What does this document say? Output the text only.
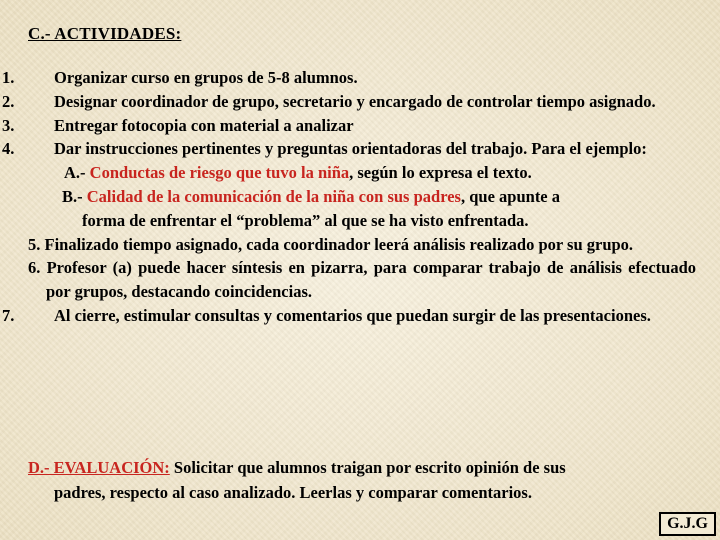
C.- ACTIVIDADES:
1. Organizar curso en grupos de 5-8 alumnos.
2. Designar coordinador de grupo, secretario y encargado de controlar tiempo asignado.
3. Entregar fotocopia con material a analizar
4. Dar instrucciones pertinentes y preguntas orientadoras del trabajo. Para el ejemplo:
A.- Conductas de riesgo que tuvo la niña, según lo expresa el texto.
B.- Calidad de la comunicación de la niña con sus padres, que apunte a
forma de enfrentar el “problema” al que se ha visto enfrentada.
5. Finalizado tiempo asignado, cada coordinador leerá análisis realizado por su grupo.
6. Profesor (a) puede hacer síntesis en pizarra, para comparar trabajo de análisis efectuado por grupos, destacando coincidencias.
7. Al cierre, estimular consultas y comentarios que puedan surgir de las presentaciones.
D.- EVALUACIÓN: Solicitar que alumnos traigan por escrito opinión de sus
padres, respecto al caso analizado. Leerlas y comparar comentarios.
G.J.G
